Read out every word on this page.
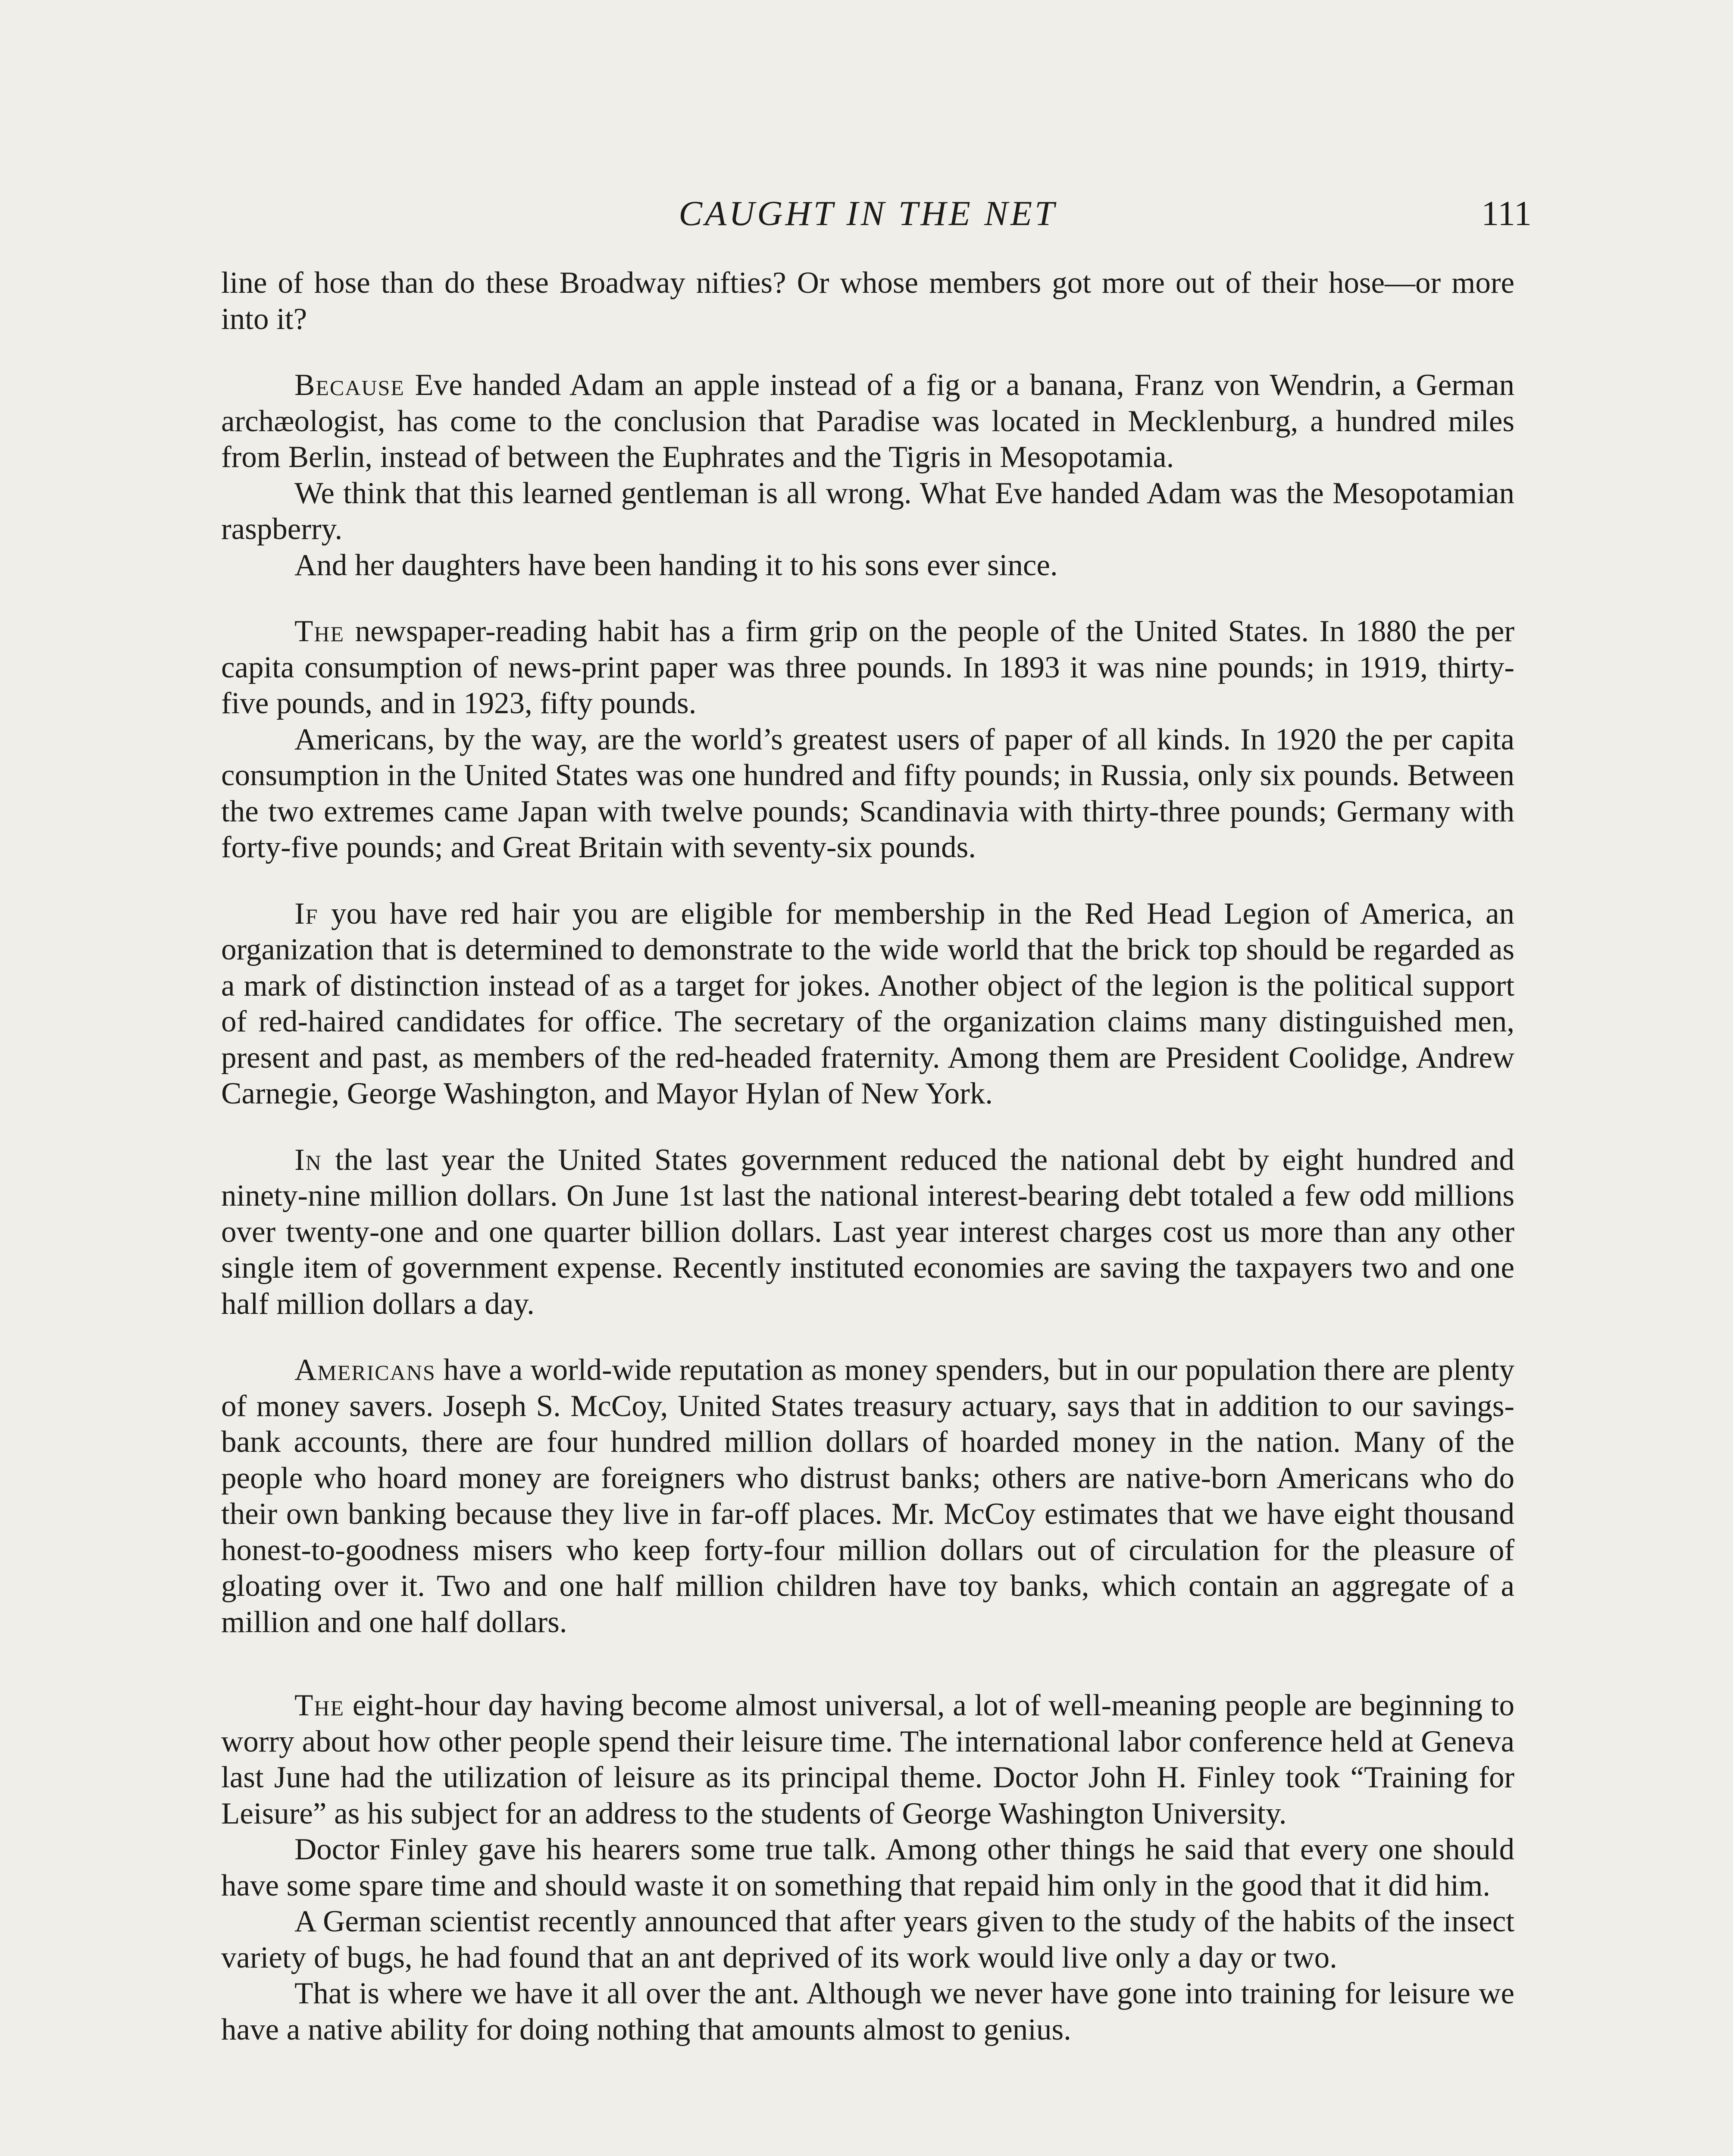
CAUGHT IN THE NET	111

line of hose than do these Broadway nifties? Or whose members got more out of their hose—or more into it?

Because Eve handed Adam an apple instead of a fig or a banana, Franz von Wendrin, a German archæologist, has come to the conclusion that Paradise was located in Mecklenburg, a hundred miles from Berlin, instead of between the Euphrates and the Tigris in Mesopotamia.

We think that this learned gentleman is all wrong. What Eve handed Adam was the Mesopotamian raspberry.

And her daughters have been handing it to his sons ever since.

The newspaper-reading habit has a firm grip on the people of the United States. In 1880 the per capita consumption of news-print paper was three pounds. In 1893 it was nine pounds; in 1919, thirty-five pounds, and in 1923, fifty pounds.

Americans, by the way, are the world’s greatest users of paper of all kinds. In 1920 the per capita consumption in the United States was one hundred and fifty pounds; in Russia, only six pounds. Between the two extremes came Japan with twelve pounds; Scandinavia with thirty-three pounds; Germany with forty-five pounds; and Great Britain with seventy-six pounds.

If you have red hair you are eligible for membership in the Red Head Legion of America, an organization that is determined to demonstrate to the wide world that the brick top should be regarded as a mark of distinction instead of as a target for jokes. Another object of the legion is the political support of red-haired candidates for office. The secretary of the organization claims many distinguished men, present and past, as members of the red-headed fraternity. Among them are President Coolidge, Andrew Carnegie, George Washington, and Mayor Hylan of New York.

In the last year the United States government reduced the national debt by eight hundred and ninety-nine million dollars. On June 1st last the national interest-bearing debt totaled a few odd millions over twenty-one and one quarter billion dollars. Last year interest charges cost us more than any other single item of government expense. Recently instituted economies are saving the taxpayers two and one half million dollars a day.

Americans have a world-wide reputation as money spenders, but in our population there are plenty of money savers. Joseph S. McCoy, United States treasury actuary, says that in addition to our savings-bank accounts, there are four hundred million dollars of hoarded money in the nation. Many of the people who hoard money are foreigners who distrust banks; others are native-born Americans who do their own banking because they live in far-off places. Mr. McCoy estimates that we have eight thousand honest-to-goodness misers who keep forty-four million dollars out of circulation for the pleasure of gloating over it. Two and one half million children have toy banks, which contain an aggregate of a million and one half dollars.

The eight-hour day having become almost universal, a lot of well-meaning people are beginning to worry about how other people spend their leisure time. The international labor conference held at Geneva last June had the utilization of leisure as its principal theme. Doctor John H. Finley took “Training for Leisure” as his subject for an address to the students of George Washington University.

Doctor Finley gave his hearers some true talk. Among other things he said that every one should have some spare time and should waste it on something that repaid him only in the good that it did him.

A German scientist recently announced that after years given to the study of the habits of the insect variety of bugs, he had found that an ant deprived of its work would live only a day or two.

That is where we have it all over the ant. Although we never have gone into training for leisure we have a native ability for doing nothing that amounts almost to genius.
